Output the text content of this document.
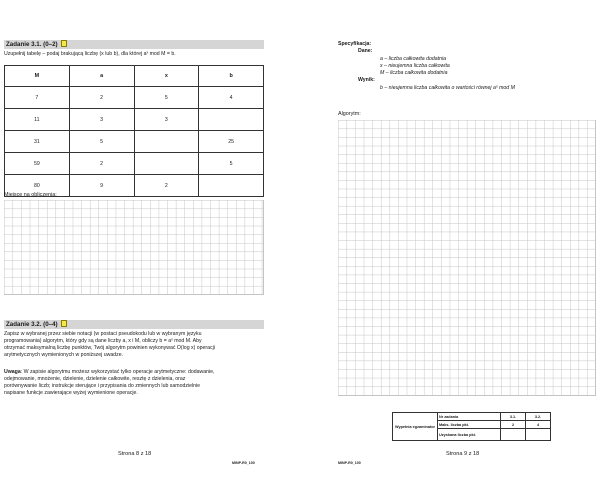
Zadanie 3.1. (0–2)
Uzupełnij tabelę – podaj brakującą liczbę (x lub b), dla której aˣ mod M = b.
M	a	x	b
7	2	5	4
11	3	3	
31	5		25
59	2		5
80	9	2	
Miejsce na obliczenia:
Zadanie 3.2. (0–4)
Zapisz w wybranej przez siebie notacji (w postaci pseudokodu lub w wybranym języku
programowania) algorytm, który gdy są dane liczby a, x i M, obliczy b = aˣ mod M. Aby
otrzymać maksymalną liczbę punktów, Twój algorytm powinien wykonywać O(log x) operacji
arytmetycznych wymienionych w poniższej uwadze.
Uwaga: W zapisie algorytmu możesz wykorzystać tylko operacje arytmetyczne: dodawanie,
odejmowanie, mnożenie, dzielenie, dzielenie całkowite, resztę z dzielenia, oraz
porównywanie liczb; instrukcje sterujące i przypisania do zmiennych lub samodzielnie
napisane funkcje zawierające wyżej wymienione operacje.
Strona 8 z 18
MINP-R0_100
Specyfikacja:
Dane:
a – liczba całkowita dodatnia
x – nieujemna liczba całkowita
M – liczba całkowita dodatnia
Wynik:
b – nieujemna liczba całkowita o wartości równej aˣ mod M
Algorytm:
Wypełnia egzaminator	Nr zadania	3.1.	3.2.
	Maks. liczba pkt.	2	4
	Uzyskana liczba pkt.		
Strona 9 z 18
MINP-R0_100
